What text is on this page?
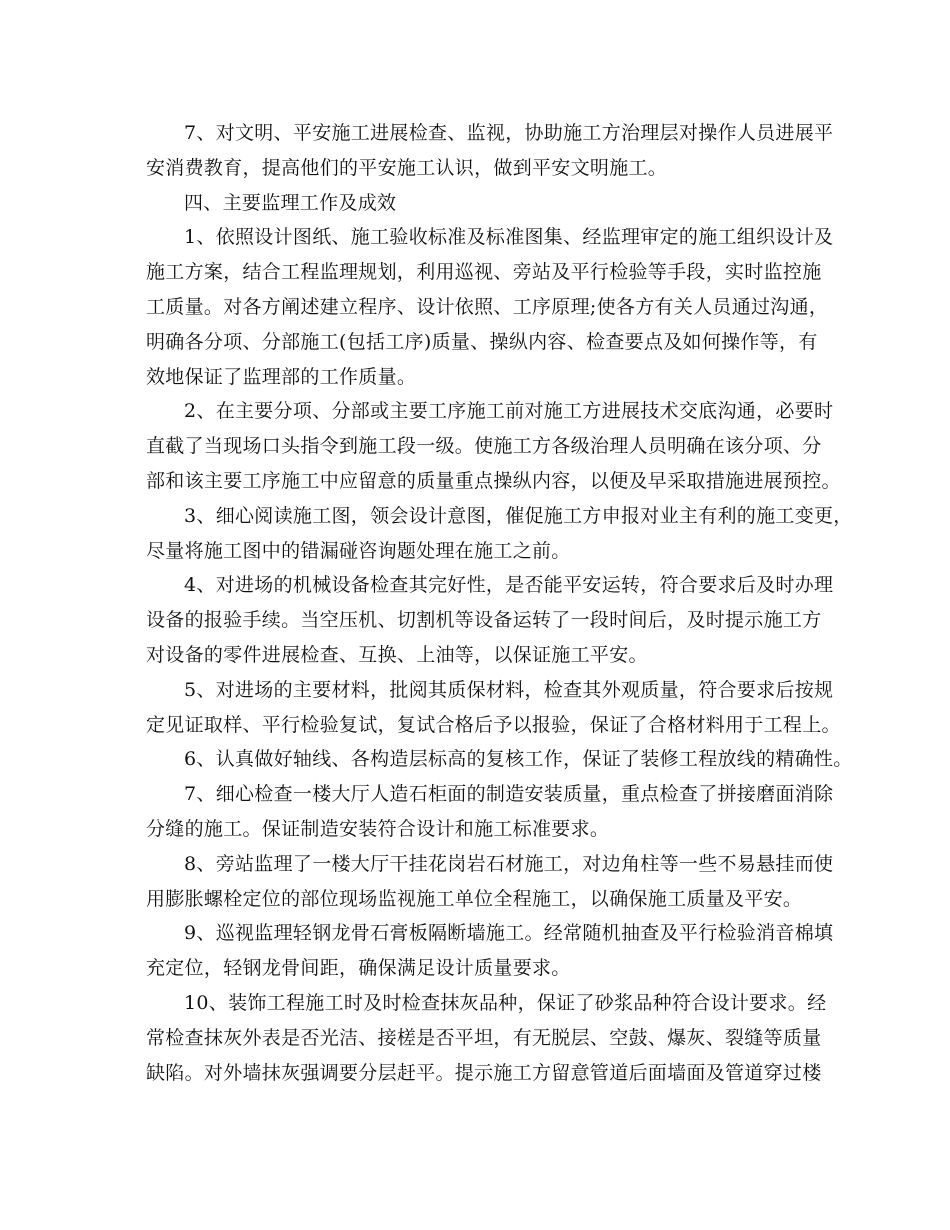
7、对文明、平安施工进展检查、监视，协助施工方治理层对操作人员进展平
安消费教育，提高他们的平安施工认识，做到平安文明施工。
四、主要监理工作及成效
1、依照设计图纸、施工验收标准及标准图集、经监理审定的施工组织设计及
施工方案，结合工程监理规划，利用巡视、旁站及平行检验等手段，实时监控施
工质量。对各方阐述建立程序、设计依照、工序原理;使各方有关人员通过沟通，
明确各分项、分部施工(包括工序)质量、操纵内容、检查要点及如何操作等，有
效地保证了监理部的工作质量。
2、在主要分项、分部或主要工序施工前对施工方进展技术交底沟通，必要时
直截了当现场口头指令到施工段一级。使施工方各级治理人员明确在该分项、分
部和该主要工序施工中应留意的质量重点操纵内容，以便及早采取措施进展预控。
3、细心阅读施工图，领会设计意图，催促施工方申报对业主有利的施工变更，
尽量将施工图中的错漏碰咨询题处理在施工之前。
4、对进场的机械设备检查其完好性，是否能平安运转，符合要求后及时办理
设备的报验手续。当空压机、切割机等设备运转了一段时间后，及时提示施工方
对设备的零件进展检查、互换、上油等，以保证施工平安。
5、对进场的主要材料，批阅其质保材料，检查其外观质量，符合要求后按规
定见证取样、平行检验复试，复试合格后予以报验，保证了合格材料用于工程上。
6、认真做好轴线、各构造层标高的复核工作，保证了装修工程放线的精确性。
7、细心检查一楼大厅人造石柜面的制造安装质量，重点检查了拼接磨面消除
分缝的施工。保证制造安装符合设计和施工标准要求。
8、旁站监理了一楼大厅干挂花岗岩石材施工，对边角柱等一些不易悬挂而使
用膨胀螺栓定位的部位现场监视施工单位全程施工，以确保施工质量及平安。
9、巡视监理轻钢龙骨石膏板隔断墙施工。经常随机抽查及平行检验消音棉填
充定位，轻钢龙骨间距，确保满足设计质量要求。
10、装饰工程施工时及时检查抹灰品种，保证了砂浆品种符合设计要求。经
常检查抹灰外表是否光洁、接槎是否平坦，有无脱层、空鼓、爆灰、裂缝等质量
缺陷。对外墙抹灰强调要分层赶平。提示施工方留意管道后面墙面及管道穿过楼
